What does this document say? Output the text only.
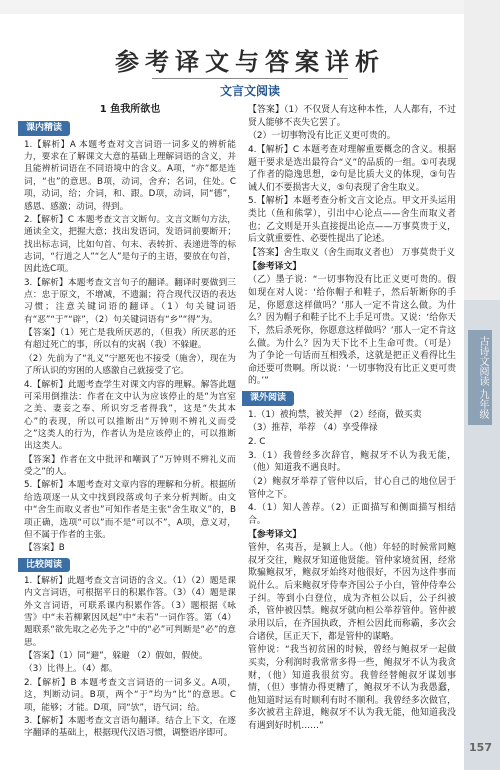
古诗文阅读 九年级
参考译文与答案详析
文言文阅读
1 鱼我所欲也
课内精读

1.【解析】A 本题考查对文言词语一词多义的辨析能力，要求在了解课文大意的基础上理解词语的含义，并且能辨析词语在不同语境中的含义。A项，“亦”都是连词，“也”的意思。B项，动词，舍弃；名词，住处。C项，动词，给；介词，和、跟。D项，动词，同“德”，感恩、感激；动词，得到。

2.【解析】C 本题考查文言文断句。文言文断句方法，通读全文，把握大意；找出发语词，发语词前要断开；找出标志词，比如句首、句末、表转折、表递进等的标志词，“行道之人”“乞人”是句子的主语，要放在句首，因此选C项。

3.【解析】本题考查文言句子的翻译。翻译时要做到三点：忠于原文，不增减，不遗漏；符合现代汉语的表达习惯；注意关键词语的翻译。（1）句关键词语有“恶”“于”“辟”，（2）句关键词语有“乡”“得”为。

【答案】（1）死亡是我所厌恶的，（但我）所厌恶的还有超过死亡的事，所以有的灾祸（我）不躲避。

（2）先前为了“礼义”宁愿死也不接受（施舍），现在为了所认识的穷困的人感激自己就接受了它。

4.【解析】此题考查学生对课文内容的理解。解答此题可采用倒推法：作者在文中认为应该停止的是“为宫室之美、妻妾之奉、所识穷乏者得我”，这是“失其本心”的表现，所以可以推断出“万钟则不辨礼义而受之”这类人的行为，作者认为是应该停止的，可以推断出这类人。

【答案】作者在文中批评和嘲讽了“万钟则不辨礼义而受之”的人。

5.【解析】本题考查对文章内容的理解和分析。根据所给选项逐一从文中找到段落或句子来分析判断。由文中“舍生而取义者也”可知作者是主张“舍生取义”的，B项正确，选项“可以”而不是“可以不”，A项，意义对，但不属于作者的主张。

【答案】B

比较阅读

1.【解析】此题考查文言词语的含义。（1）（2）题是课内文言词语，可根据平日的积累作答。（3）（4）题是课外文言词语，可联系课内积累作答。（3）题根据《咏雪》中“未若柳絮因风起”中“未若”一词作答。第（4）题联系“欲先取之必先予之”中的“必”可判断是“必”的意思。

【答案】（1）同“避”，躲避 （2）假如，假使。

（3）比得上。（4）都。

2.【解析】B 本题考查文言词语的一词多义。A项，这，判断动词。B项，两个“于”均为“比”的意思。C项，能够；才能。D项，同“欤”，语气词；给。

3.【解析】本题考查文言语句翻译。结合上下文，在逐字翻译的基础上，根据现代汉语习惯，调整语序即可。

【答案】（1）不仅贤人有这种本性，人人都有，不过贤人能够不丧失它罢了。

（2）一切事物没有比正义更可贵的。

4.【解析】C 本题考查对理解重要概念的含义。根据题干要求是选出最符合“义”的品质的一组。①可表现了作者的隐逸思想，②句是比质大义的体现，③句告诫人们不要损害大义，⑤句表现了舍生取义。

5.【解析】本题考查分析文言文论点。甲文开头运用类比（鱼和熊掌），引出中心论点——舍生而取义者也；乙文则是开头直接提出论点——万事莫贵于义，后文就重要性、必要性提出了论述。

【答案】舍生取义（舍生而取义者也） 万事莫贵于义

【参考译文】

（乙）墨子说：“一切事物没有比正义更可贵的。假如现在对人说：‘给你帽子和鞋子，然后斩断你的手足，你愿意这样做吗？’那人一定不肯这么做。为什么？因为帽子和鞋子比不上手足可贵。又说：‘给你天下，然后杀死你，你愿意这样做吗？’那人一定不肯这么做。为什么？因为天下比不上生命可贵。（可是）为了争论一句话而互相残杀，这就是把正义看得比生命还要可贵啊。所以说：‘一切事物没有比正义更可贵的。’”

课外阅读

1.（1）被拘禁，被关押 （2）经商，做买卖

（3）推荐，举荐 （4）享受俸禄

2. C

3.（1）我曾经多次辞官，鲍叔牙不认为我无能，（他）知道我不遇良时。

（2）鲍叔牙举荐了管仲以后，甘心自己的地位居于管仲之下。

4.（1）知人善荐。（2）正面描写和侧面描写相结合。

【参考译文】

管仲，名夷吾，是颍上人。（他）年轻的时候常同鲍叔牙交往，鲍叔牙知道他贤能。管仲家境贫困，经常欺骗鲍叔牙，鲍叔牙始终对他很好，不因为这件事而说什么。后来鲍叔牙侍奉齐国公子小白，管仲侍奉公子纠。等到小白登位，成为齐桓公以后，公子纠被杀，管仲被囚禁。鲍叔牙就向桓公举荐管仲。管仲被录用以后，在齐国执政，齐桓公因此而称霸，多次会合诸侯，匡正天下，都是管仲的谋略。

管仲说：“我当初贫困的时候，曾经与鲍叔牙一起做买卖，分利润时我常常多得一些，鲍叔牙不认为我贪财，（他）知道我很贫穷。我曾经替鲍叔牙谋划事情，（但）事情办得更糟了，鲍叔牙不认为我愚蠢，他知道时运有时顺利有时不顺利。我曾经多次做官，多次被君主辞退，鲍叔牙不认为我无能，他知道我没有遇到好时机……”

157
